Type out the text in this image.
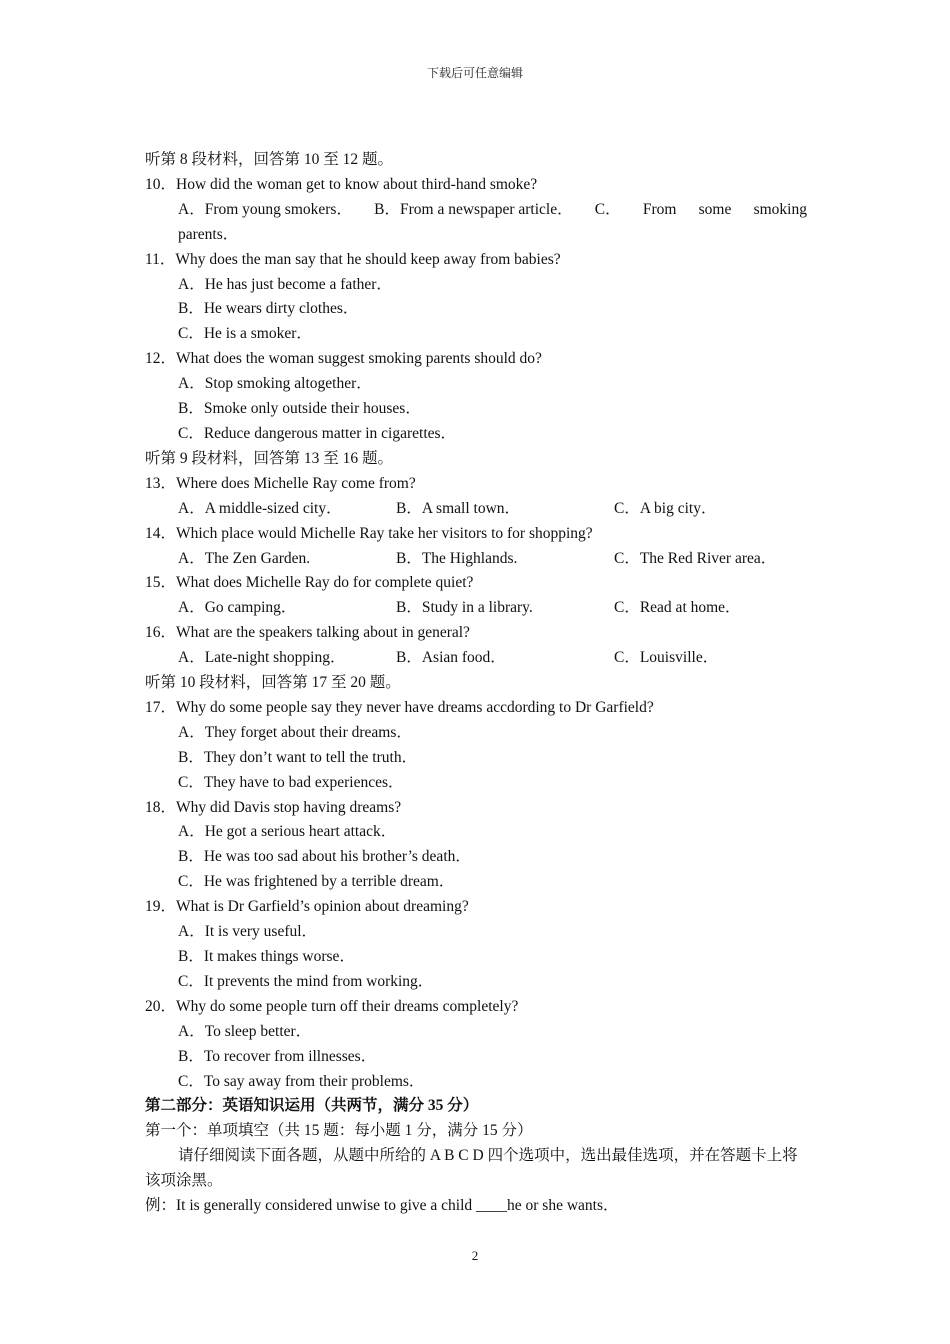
下载后可任意编辑
听第 8 段材料，回答第 10 至 12 题。
10．How did the woman get to know about third-hand smoke?
A．From young smokers． B．From a newspaper article． C． From some smoking
parents．
11．Why does the man say that he should keep away from babies?
A．He has just become a father．
B．He wears dirty clothes．
C．He is a smoker．
12．What does the woman suggest smoking parents should do?
A．Stop smoking altogether．
B．Smoke only outside their houses．
C．Reduce dangerous matter in cigarettes．
听第 9 段材料，回答第 13 至 16 题。
13．Where does Michelle Ray come from?
A．A middle-sized city．	B．A small town．	C．A big city．
14．Which place would Michelle Ray take her visitors to for shopping?
A．The Zen Garden.	B．The Highlands.	C．The Red River area．
15．What does Michelle Ray do for complete quiet?
A．Go camping．	B．Study in a library.	C．Read at home．
16．What are the speakers talking about in general?
A．Late-night shopping．	B．Asian food．	C．Louisville．
听第 10 段材料，回答第 17 至 20 题。
17．Why do some people say they never have dreams accdording to Dr Garfield?
A．They forget about their dreams．
B．They don’t want to tell the truth．
C．They have to bad experiences．
18．Why did Davis stop having dreams?
A．He got a serious heart attack．
B．He was too sad about his brother’s death．
C．He was frightened by a terrible dream．
19．What is Dr Garfield’s opinion about dreaming?
A．It is very useful．
B．It makes things worse．
C．It prevents the mind from working．
20．Why do some people turn off their dreams completely?
A．To sleep better．
B．To recover from illnesses．
C．To say away from their problems．
第二部分：英语知识运用（共两节，满分 35 分）
第一个：单项填空（共 15 题：每小题 1 分，满分 15 分）
请仔细阅读下面各题，从题中所给的 A B C D 四个选项中，选出最佳选项，并在答题卡上将该项涂黑。
例：It is generally considered unwise to give a child ____he or she wants．
2
